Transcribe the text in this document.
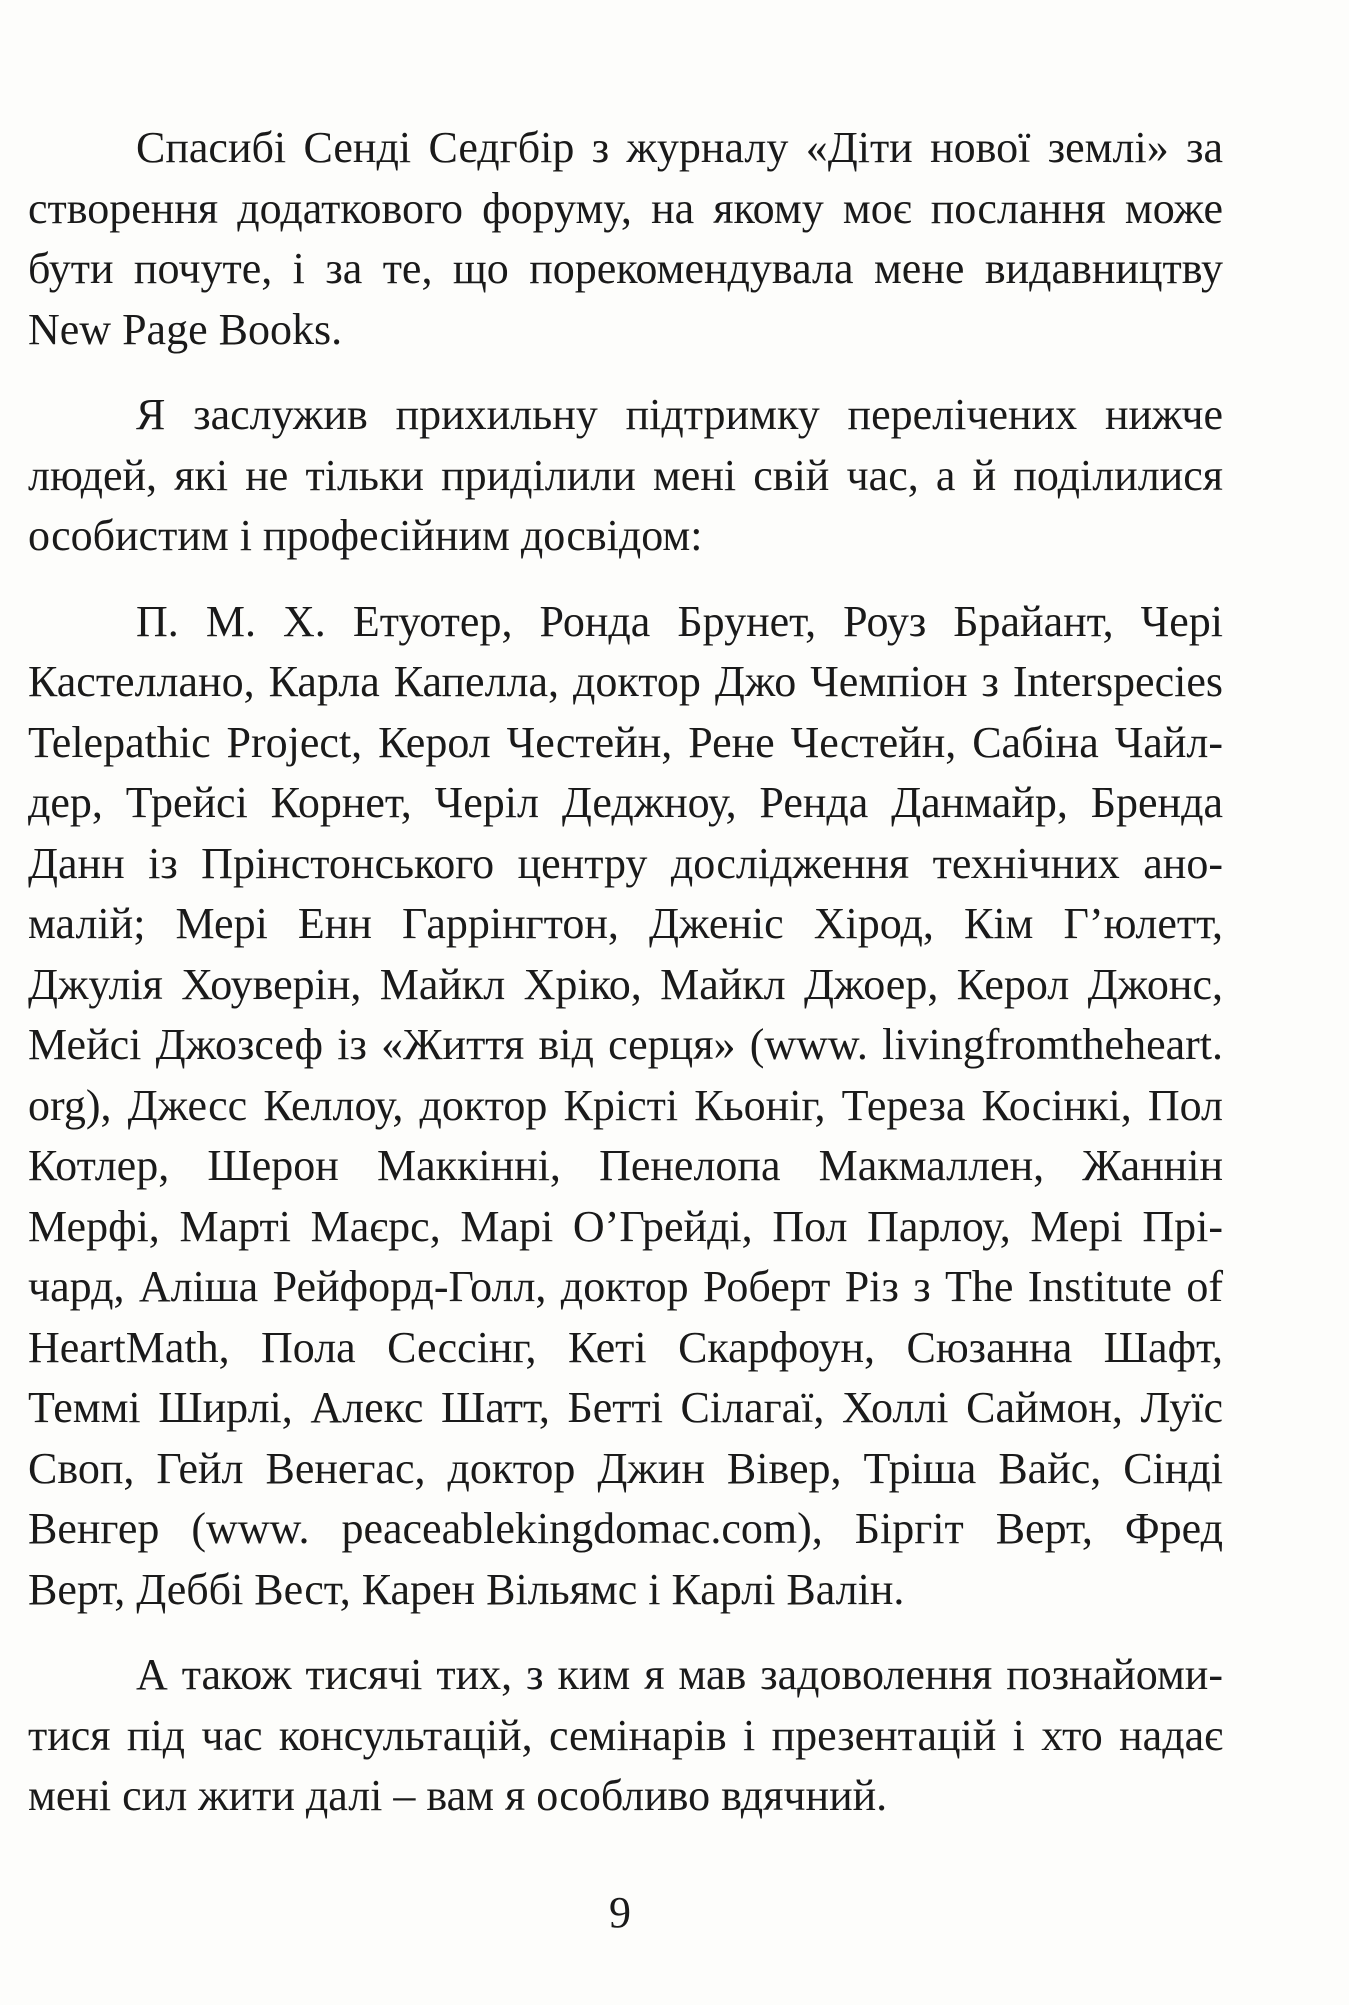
Спасибі Сенді Седгбір з журналу «Діти нової землі» за створення додаткового форуму, на якому моє послання може бути почуте, і за те, що порекомендувала мене видавництву New Page Books.

Я заслужив прихильну підтримку перелічених нижче людей, які не тільки приділили мені свій час, а й поділилися особистим і професійним досвідом:

П. М. Х. Етуотер, Ронда Брунет, Роуз Брайант, Чері Кастеллано, Карла Капелла, доктор Джо Чемпіон з Interspecies Telepathic Project, Керол Честейн, Рене Честейн, Сабіна Чайлдер, Трейсі Корнет, Черіл Деджноу, Ренда Данмайр, Бренда Данн із Прінстонського центру дослідження технічних аномалій; Мері Енн Гаррінгтон, Дженіс Хірод, Кім Г’юлетт, Джулія Хоуверін, Майкл Хріко, Майкл Джоер, Керол Джонс, Мейсі Джозсеф із «Життя від серця» (www. livingfromtheheart. org), Джесс Келлоу, доктор Крісті Кьоніг, Тереза Косінкі, Пол Котлер, Шерон Маккінні, Пенелопа Макмаллен, Жаннін Мерфі, Марті Маєрс, Марі О’Грейді, Пол Парлоу, Мері Прічард, Аліша Рейфорд-Голл, доктор Роберт Різ з The Institute of HeartMath, Пола Сессінг, Кеті Скарфоун, Сюзанна Шафт, Теммі Ширлі, Алекс Шатт, Бетті Сілагаї, Холлі Саймон, Луїс Своп, Гейл Венегас, доктор Джин Вівер, Тріша Вайс, Сінді Венгер (www. peaceablekingdomac.com), Біргіт Верт, Фред Верт, Деббі Вест, Карен Вільямс і Карлі Валін.

А також тисячі тих, з ким я мав задоволення познайомитися під час консультацій, семінарів і презентацій і хто надає мені сил жити далі – вам я особливо вдячний.

9
